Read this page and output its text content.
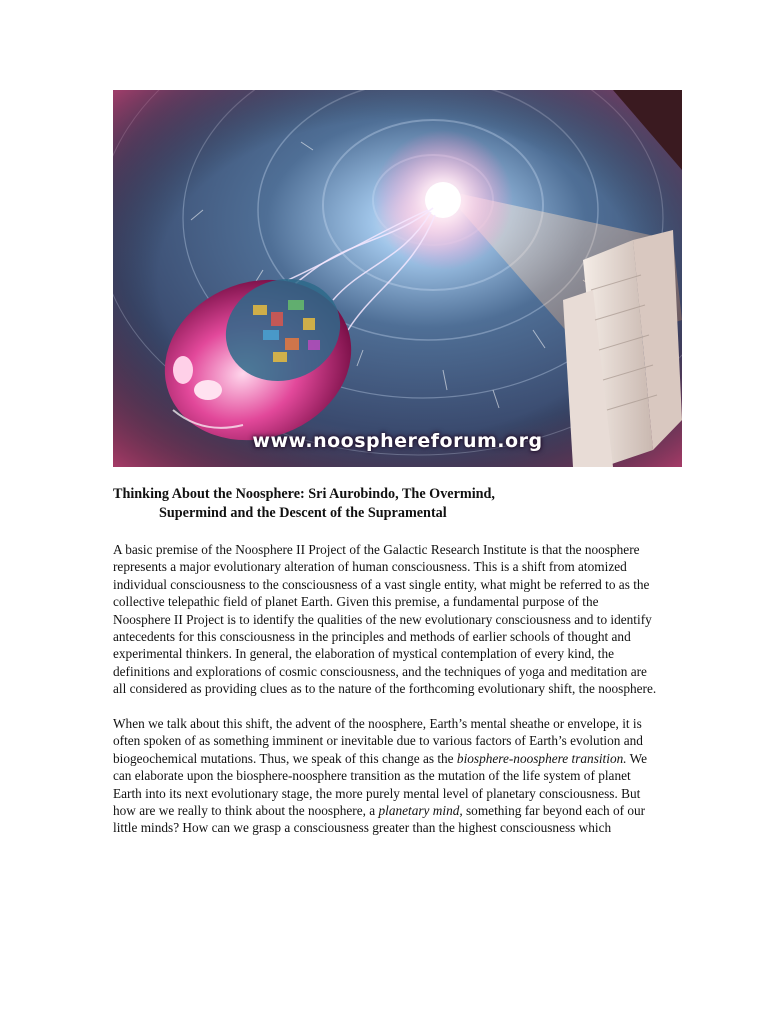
www.noosphereforum.org
Thinking About the Noosphere: Sri Aurobindo, The Overmind,
Supermind and the Descent of the Supramental

A basic premise of the Noosphere II Project of the Galactic Research Institute is that the noosphere represents a major evolutionary alteration of human consciousness. This is a shift from atomized individual consciousness to the consciousness of a vast single entity, what might be referred to as the collective telepathic field of planet Earth. Given this premise, a fundamental purpose of the Noosphere II Project is to identify the qualities of the new evolutionary consciousness and to identify antecedents for this consciousness in the principles and methods of earlier schools of thought and experimental thinkers. In general, the elaboration of mystical contemplation of every kind, the definitions and explorations of cosmic consciousness, and the techniques of yoga and meditation are all considered as providing clues as to the nature of the forthcoming evolutionary shift, the noosphere.

When we talk about this shift, the advent of the noosphere, Earth’s mental sheathe or envelope, it is often spoken of as something imminent or inevitable due to various factors of Earth’s evolution and biogeochemical mutations. Thus, we speak of this change as the biosphere-noosphere transition. We can elaborate upon the biosphere-noosphere transition as the mutation of the life system of planet Earth into its next evolutionary stage, the more purely mental level of planetary consciousness. But how are we really to think about the noosphere, a planetary mind, something far beyond each of our little minds? How can we grasp a consciousness greater than the highest consciousness which
